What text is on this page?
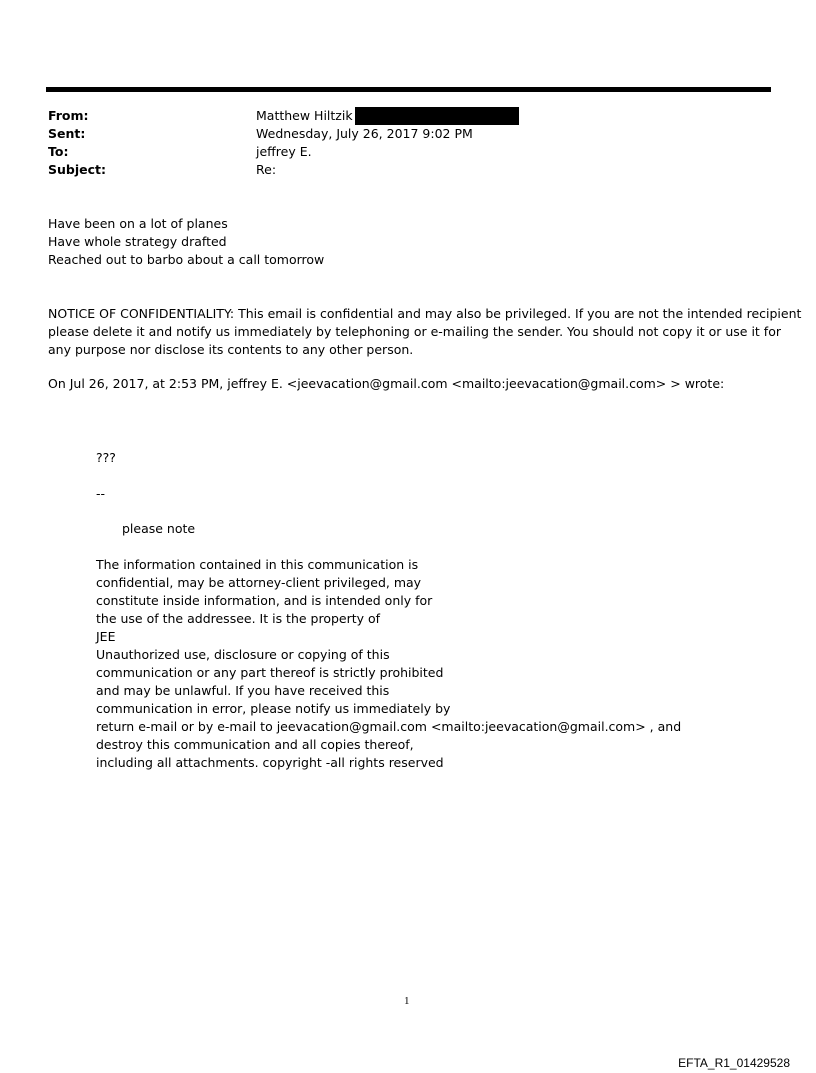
From:	Matthew Hiltzik
Sent:	Wednesday, July 26, 2017 9:02 PM
To:	jeffrey E.
Subject:	Re:
Have been on a lot of planes
Have whole strategy drafted
Reached out to barbo about a call tomorrow
NOTICE OF CONFIDENTIALITY: This email is confidential and may also be privileged. If you are not the intended recipient
please delete it and notify us immediately by telephoning or e-mailing the sender. You should not copy it or use it for
any purpose nor disclose its contents to any other person.
On Jul 26, 2017, at 2:53 PM, jeffrey E. <jeevacation@gmail.com <mailto:jeevacation@gmail.com> > wrote:
???
--
please note
The information contained in this communication is
confidential, may be attorney-client privileged, may
constitute inside information, and is intended only for
the use of the addressee. It is the property of
JEE
Unauthorized use, disclosure or copying of this
communication or any part thereof is strictly prohibited
and may be unlawful. If you have received this
communication in error, please notify us immediately by
return e-mail or by e-mail to jeevacation@gmail.com <mailto:jeevacation@gmail.com> , and
destroy this communication and all copies thereof,
including all attachments. copyright -all rights reserved
1
EFTA_R1_01429528
